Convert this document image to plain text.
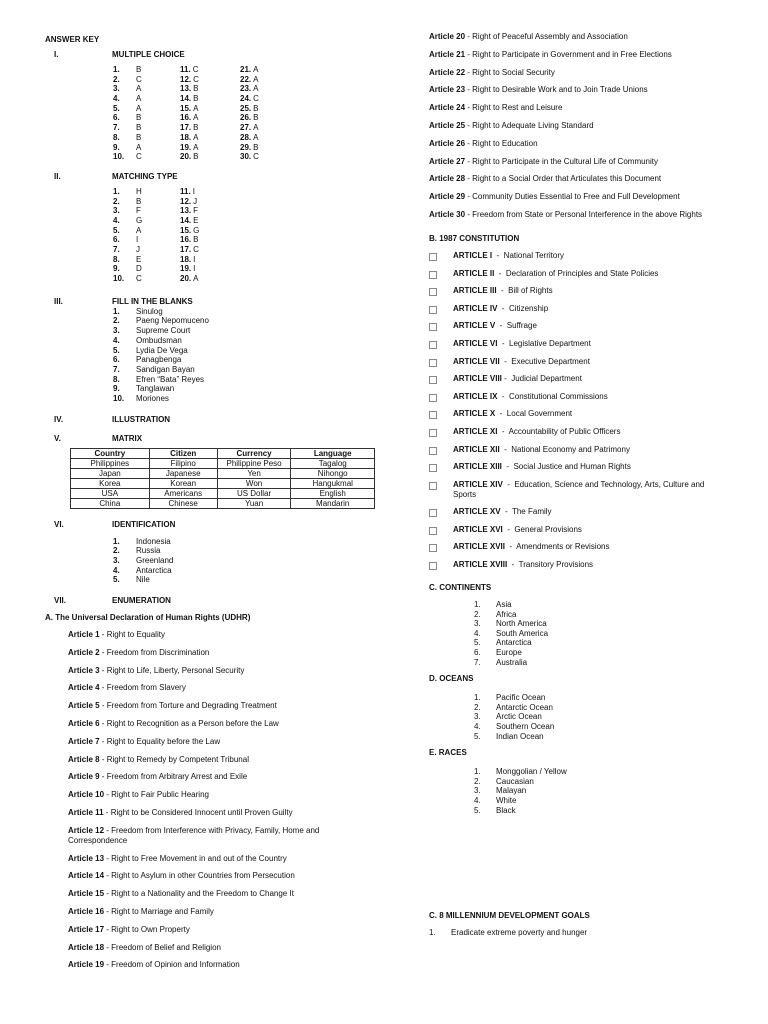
ANSWER KEY
I.	MULTIPLE CHOICE
1.	B	11. C	21. A
2.	C	12. C	22. A
3.	A	13. B	23. A
4.	A	14. B	24. C
5.	A	15. A	25. B
6.	B	16. A	26. B
7.	B	17. B	27. A
8.	B	18. A	28. A
9.	A	19. A	29. B
10.	C	20. B	30. C
II.	MATCHING TYPE
1.	H	11. I
2.	B	12. J
3.	F	13. F
4.	G	14. E
5.	A	15. G
6.	I	16. B
7.	J	17. C
8.	E	18. I
9.	D	19. I
10.	C	20. A
III.	FILL IN THE BLANKS
1.	Sinulog
2.	Paeng Nepomuceno
3.	Supreme Court
4.	Ombudsman
5.	Lydia De Vega
6.	Panagbenga
7.	Sandigan Bayan
8.	Efren “Bata” Reyes
9.	Tanglawan
10.	Moriones
IV.	ILLUSTRATION
V.	MATRIX
Country	Citizen	Currency	Language
Philippines	Filipino	Philippine Peso	Tagalog
Japan	Japanese	Yen	Nihongo
Korea	Korean	Won	Hangukmal
USA	Americans	US Dollar	English
China	Chinese	Yuan	Mandarin
VI.	IDENTIFICATION
1.	Indonesia
2.	Russia
3.	Greenland
4.	Antarctica
5.	Nile
VII.	ENUMERATION
A. The Universal Declaration of Human Rights (UDHR)
Article 1 - Right to Equality
Article 2 - Freedom from Discrimination
Article 3 - Right to Life, Liberty, Personal Security
Article 4 - Freedom from Slavery
Article 5 - Freedom from Torture and Degrading Treatment
Article 6 - Right to Recognition as a Person before the Law
Article 7 - Right to Equality before the Law
Article 8 - Right to Remedy by Competent Tribunal
Article 9 - Freedom from Arbitrary Arrest and Exile
Article 10 - Right to Fair Public Hearing
Article 11 - Right to be Considered Innocent until Proven Guilty
Article 12 - Freedom from Interference with Privacy, Family, Home and Correspondence
Article 13 - Right to Free Movement in and out of the Country
Article 14 - Right to Asylum in other Countries from Persecution
Article 15 - Right to a Nationality and the Freedom to Change It
Article 16 - Right to Marriage and Family
Article 17 - Right to Own Property
Article 18 - Freedom of Belief and Religion
Article 19 - Freedom of Opinion and Information
Article 20 - Right of Peaceful Assembly and Association
Article 21 - Right to Participate in Government and in Free Elections
Article 22 - Right to Social Security
Article 23 - Right to Desirable Work and to Join Trade Unions
Article 24 - Right to Rest and Leisure
Article 25 - Right to Adequate Living Standard
Article 26 - Right to Education
Article 27 - Right to Participate in the Cultural Life of Community
Article 28 - Right to a Social Order that Articulates this Document
Article 29 - Community Duties Essential to Free and Full Development
Article 30 - Freedom from State or Personal Interference in the above Rights
B. 1987 CONSTITUTION
ARTICLE I  -  National Territory
ARTICLE II  -  Declaration of Principles and State Policies
ARTICLE III  -  Bill of Rights
ARTICLE IV  -  Citizenship
ARTICLE V  -  Suffrage
ARTICLE VI  -  Legislative Department
ARTICLE VII  -  Executive Department
ARTICLE VIII -  Judicial Department
ARTICLE IX  -  Constitutional Commissions
ARTICLE X  -  Local Government
ARTICLE XI  -  Accountability of Public Officers
ARTICLE XII  -  National Economy and Patrimony
ARTICLE XIII  -  Social Justice and Human Rights
ARTICLE XIV  -  Education, Science and Technology, Arts, Culture and Sports
ARTICLE XV  -  The Family
ARTICLE XVI  -  General Provisions
ARTICLE XVII  -  Amendments or Revisions
ARTICLE XVIII  -  Transitory Provisions
C. CONTINENTS
1.	Asia
2.	Africa
3.	North America
4.	South America
5.	Antarctica
6.	Europe
7.	Australia
D. OCEANS
1.	Pacific Ocean
2.	Antarctic Ocean
3.	Arctic Ocean
4.	Southern Ocean
5.	Indian Ocean
E. RACES
1.	Monggolian / Yellow
2.	Caucasian
3.	Malayan
4.	White
5.	Black
C. 8 MILLENNIUM DEVELOPMENT GOALS
1.	Eradicate extreme poverty and hunger
